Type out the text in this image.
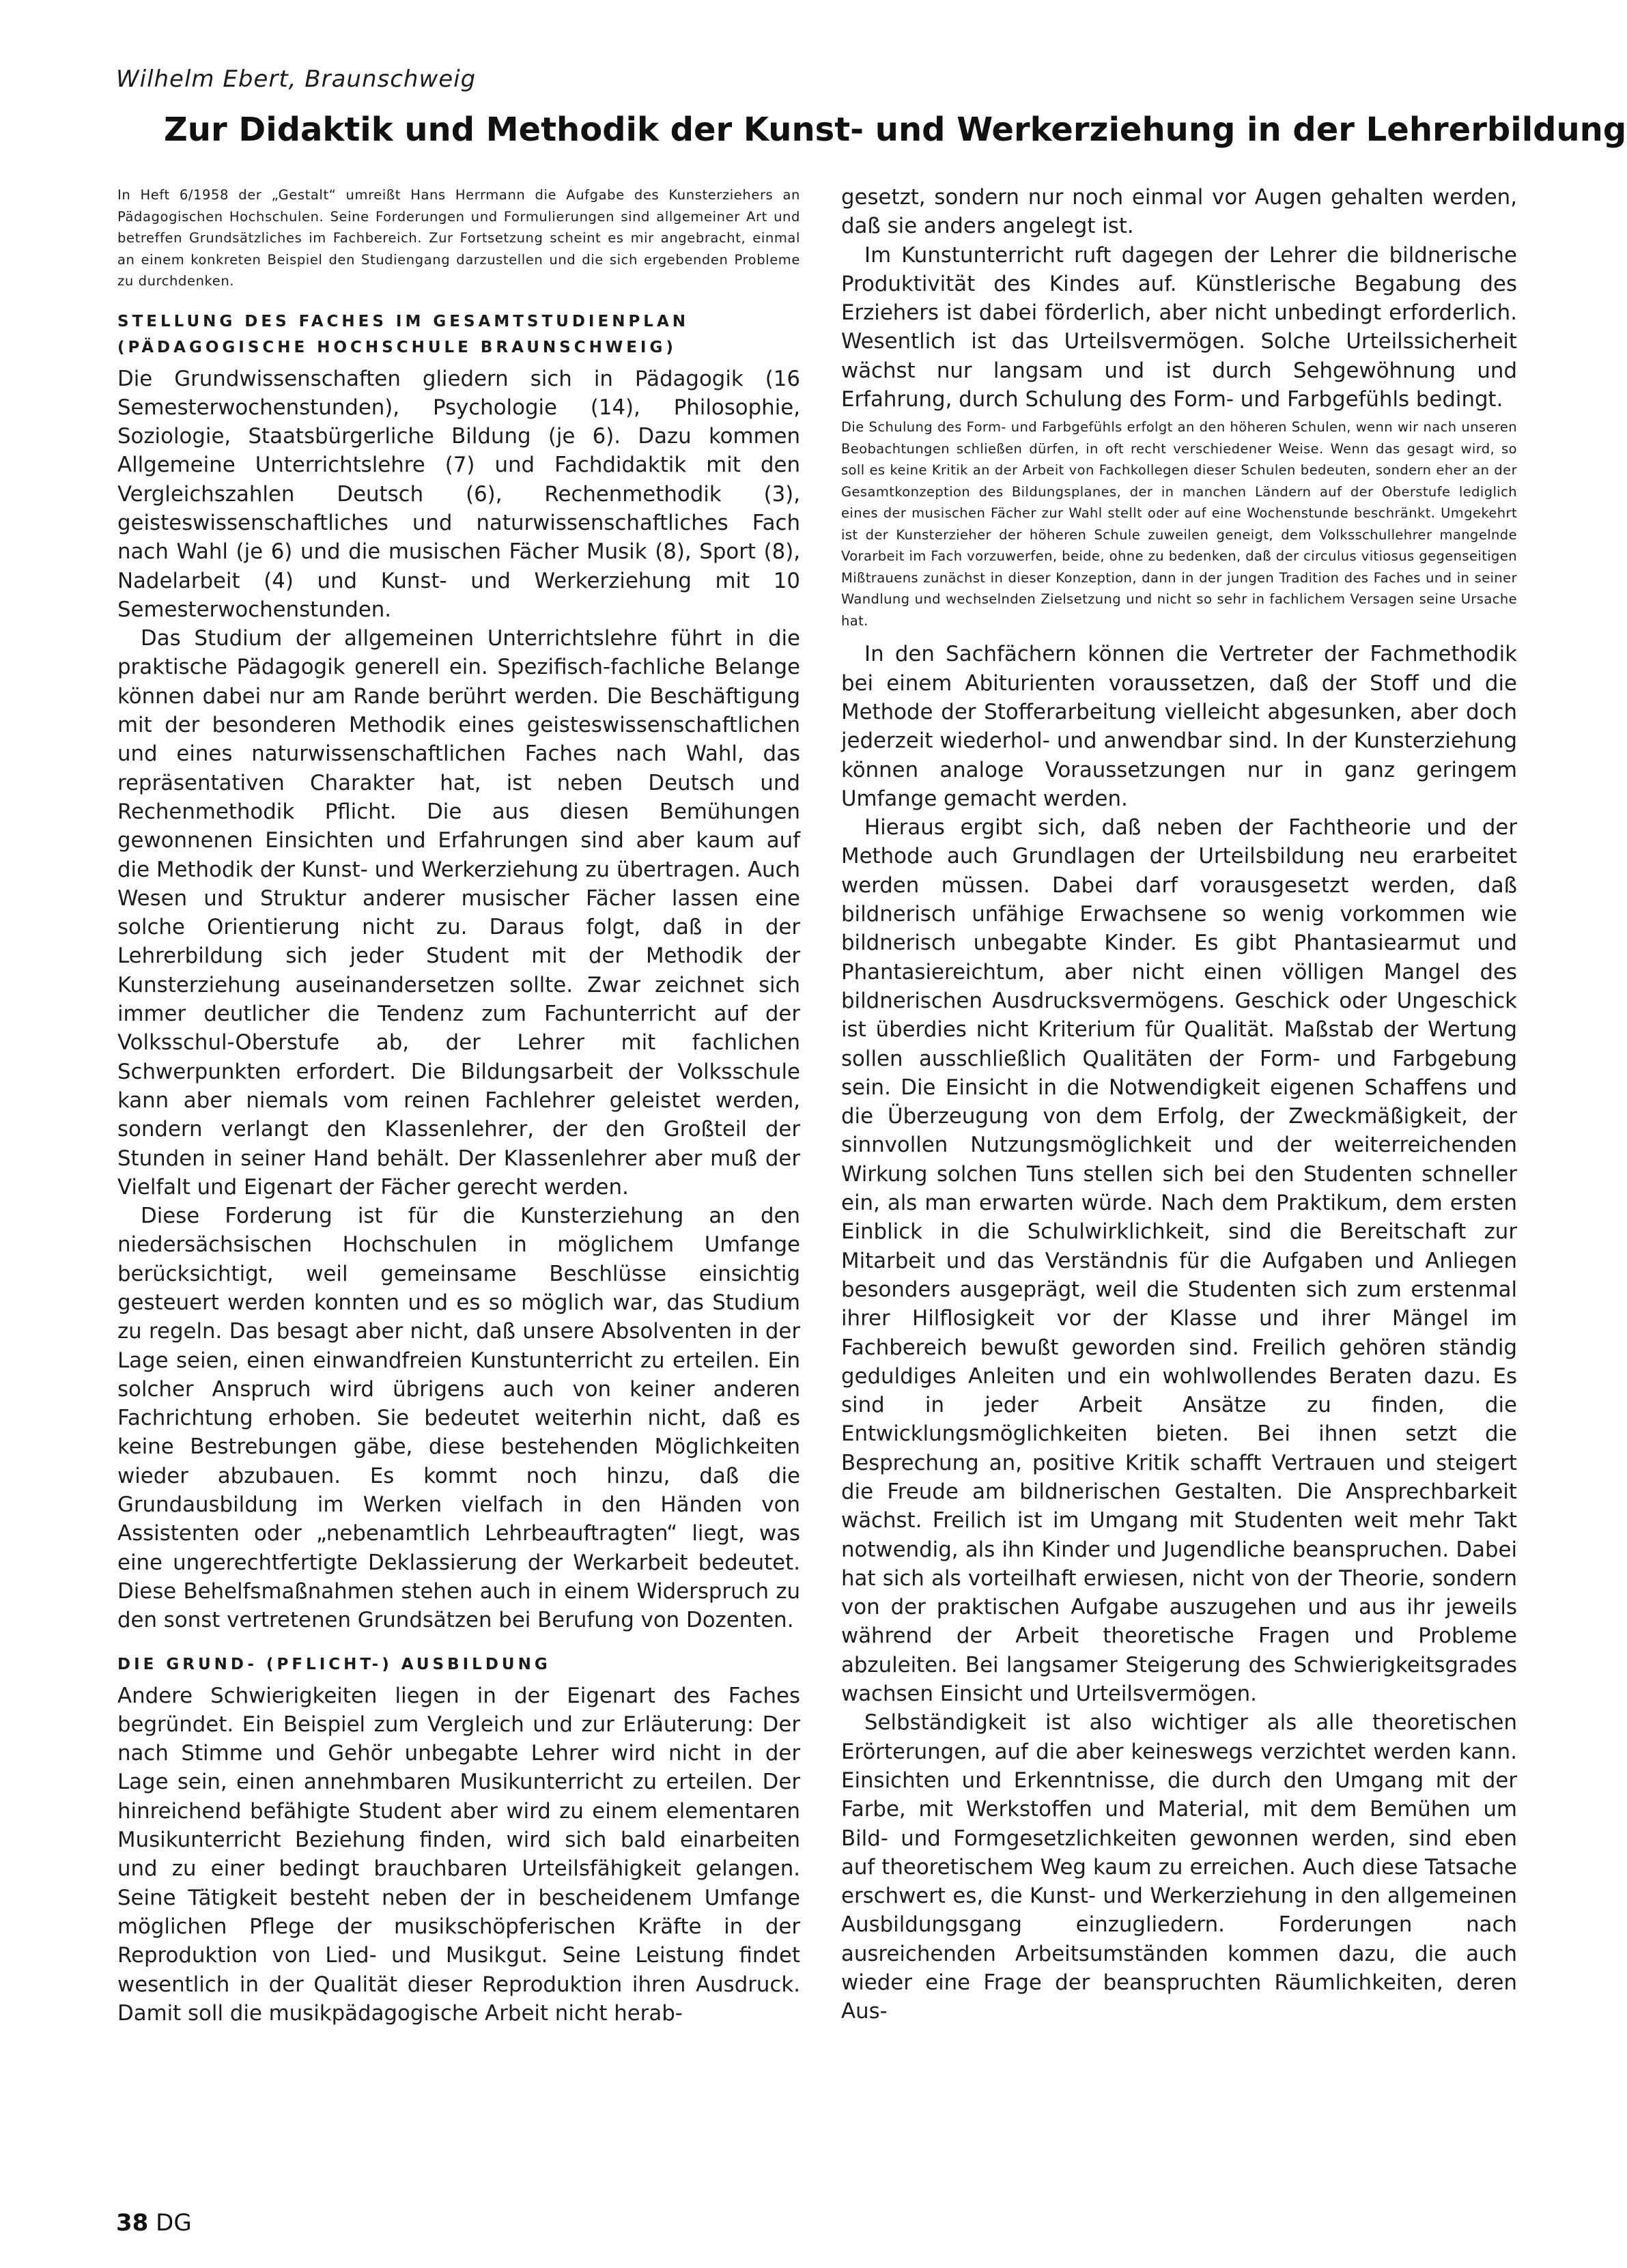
Wilhelm Ebert, Braunschweig
Zur Didaktik und Methodik der Kunst- und Werkerziehung in der Lehrerbildung

In Heft 6/1958 der „Gestalt“ umreißt Hans Herrmann die Aufgabe des Kunsterziehers an Pädagogischen Hochschulen. Seine Forderungen und Formulierungen sind allgemeiner Art und betreffen Grundsätzliches im Fachbereich. Zur Fortsetzung scheint es mir angebracht, einmal an einem konkreten Beispiel den Studiengang darzustellen und die sich ergebenden Probleme zu durchdenken.

STELLUNG DES FACHES IM GESAMTSTUDIENPLAN
(PÄDAGOGISCHE HOCHSCHULE BRAUNSCHWEIG)

Die Grundwissenschaften gliedern sich in Pädagogik (16 Semesterwochenstunden), Psychologie (14), Philosophie, Soziologie, Staatsbürgerliche Bildung (je 6). Dazu kommen Allgemeine Unterrichtslehre (7) und Fachdidaktik mit den Vergleichszahlen Deutsch (6), Rechenmethodik (3), geisteswissenschaftliches und naturwissenschaftliches Fach nach Wahl (je 6) und die musischen Fächer Musik (8), Sport (8), Nadelarbeit (4) und Kunst- und Werkerziehung mit 10 Semesterwochenstunden.

Das Studium der allgemeinen Unterrichtslehre führt in die praktische Pädagogik generell ein. Spezifisch-fachliche Belange können dabei nur am Rande berührt werden. Die Beschäftigung mit der besonderen Methodik eines geisteswissenschaftlichen und eines naturwissenschaftlichen Faches nach Wahl, das repräsentativen Charakter hat, ist neben Deutsch und Rechenmethodik Pflicht. Die aus diesen Bemühungen gewonnenen Einsichten und Erfahrungen sind aber kaum auf die Methodik der Kunst- und Werkerziehung zu übertragen. Auch Wesen und Struktur anderer musischer Fächer lassen eine solche Orientierung nicht zu. Daraus folgt, daß in der Lehrerbildung sich jeder Student mit der Methodik der Kunsterziehung auseinandersetzen sollte. Zwar zeichnet sich immer deutlicher die Tendenz zum Fachunterricht auf der Volksschul-Oberstufe ab, der Lehrer mit fachlichen Schwerpunkten erfordert. Die Bildungsarbeit der Volksschule kann aber niemals vom reinen Fachlehrer geleistet werden, sondern verlangt den Klassenlehrer, der den Großteil der Stunden in seiner Hand behält. Der Klassenlehrer aber muß der Vielfalt und Eigenart der Fächer gerecht werden.

Diese Forderung ist für die Kunsterziehung an den niedersächsischen Hochschulen in möglichem Umfange berücksichtigt, weil gemeinsame Beschlüsse einsichtig gesteuert werden konnten und es so möglich war, das Studium zu regeln. Das besagt aber nicht, daß unsere Absolventen in der Lage seien, einen einwandfreien Kunstunterricht zu erteilen. Ein solcher Anspruch wird übrigens auch von keiner anderen Fachrichtung erhoben. Sie bedeutet weiterhin nicht, daß es keine Bestrebungen gäbe, diese bestehenden Möglichkeiten wieder abzubauen. Es kommt noch hinzu, daß die Grundausbildung im Werken vielfach in den Händen von Assistenten oder „nebenamtlich Lehrbeauftragten“ liegt, was eine ungerechtfertigte Deklassierung der Werkarbeit bedeutet. Diese Behelfsmaßnahmen stehen auch in einem Widerspruch zu den sonst vertretenen Grundsätzen bei Berufung von Dozenten.

DIE GRUND- (PFLICHT-) AUSBILDUNG

Andere Schwierigkeiten liegen in der Eigenart des Faches begründet. Ein Beispiel zum Vergleich und zur Erläuterung: Der nach Stimme und Gehör unbegabte Lehrer wird nicht in der Lage sein, einen annehmbaren Musikunterricht zu erteilen. Der hinreichend befähigte Student aber wird zu einem elementaren Musikunterricht Beziehung finden, wird sich bald einarbeiten und zu einer bedingt brauchbaren Urteilsfähigkeit gelangen. Seine Tätigkeit besteht neben der in bescheidenem Umfange möglichen Pflege der musikschöpferischen Kräfte in der Reproduktion von Lied- und Musikgut. Seine Leistung findet wesentlich in der Qualität dieser Reproduktion ihren Ausdruck. Damit soll die musikpädagogische Arbeit nicht herab-

gesetzt, sondern nur noch einmal vor Augen gehalten werden, daß sie anders angelegt ist.

Im Kunstunterricht ruft dagegen der Lehrer die bildnerische Produktivität des Kindes auf. Künstlerische Begabung des Erziehers ist dabei förderlich, aber nicht unbedingt erforderlich. Wesentlich ist das Urteilsvermögen. Solche Urteilssicherheit wächst nur langsam und ist durch Sehgewöhnung und Erfahrung, durch Schulung des Form- und Farbgefühls bedingt.

Die Schulung des Form- und Farbgefühls erfolgt an den höheren Schulen, wenn wir nach unseren Beobachtungen schließen dürfen, in oft recht verschiedener Weise. Wenn das gesagt wird, so soll es keine Kritik an der Arbeit von Fachkollegen dieser Schulen bedeuten, sondern eher an der Gesamtkonzeption des Bildungsplanes, der in manchen Ländern auf der Oberstufe lediglich eines der musischen Fächer zur Wahl stellt oder auf eine Wochenstunde beschränkt. Umgekehrt ist der Kunsterzieher der höheren Schule zuweilen geneigt, dem Volksschullehrer mangelnde Vorarbeit im Fach vorzuwerfen, beide, ohne zu bedenken, daß der circulus vitiosus gegenseitigen Mißtrauens zunächst in dieser Konzeption, dann in der jungen Tradition des Faches und in seiner Wandlung und wechselnden Zielsetzung und nicht so sehr in fachlichem Versagen seine Ursache hat.

In den Sachfächern können die Vertreter der Fachmethodik bei einem Abiturienten voraussetzen, daß der Stoff und die Methode der Stofferarbeitung vielleicht abgesunken, aber doch jederzeit wiederhol- und anwendbar sind. In der Kunsterziehung können analoge Voraussetzungen nur in ganz geringem Umfange gemacht werden.

Hieraus ergibt sich, daß neben der Fachtheorie und der Methode auch Grundlagen der Urteilsbildung neu erarbeitet werden müssen. Dabei darf vorausgesetzt werden, daß bildnerisch unfähige Erwachsene so wenig vorkommen wie bildnerisch unbegabte Kinder. Es gibt Phantasiearmut und Phantasiereichtum, aber nicht einen völligen Mangel des bildnerischen Ausdrucksvermögens. Geschick oder Ungeschick ist überdies nicht Kriterium für Qualität. Maßstab der Wertung sollen ausschließlich Qualitäten der Form- und Farbgebung sein. Die Einsicht in die Notwendigkeit eigenen Schaffens und die Überzeugung von dem Erfolg, der Zweckmäßigkeit, der sinnvollen Nutzungsmöglichkeit und der weiterreichenden Wirkung solchen Tuns stellen sich bei den Studenten schneller ein, als man erwarten würde. Nach dem Praktikum, dem ersten Einblick in die Schulwirklichkeit, sind die Bereitschaft zur Mitarbeit und das Verständnis für die Aufgaben und Anliegen besonders ausgeprägt, weil die Studenten sich zum erstenmal ihrer Hilflosigkeit vor der Klasse und ihrer Mängel im Fachbereich bewußt geworden sind. Freilich gehören ständig geduldiges Anleiten und ein wohlwollendes Beraten dazu. Es sind in jeder Arbeit Ansätze zu finden, die Entwicklungsmöglichkeiten bieten. Bei ihnen setzt die Besprechung an, positive Kritik schafft Vertrauen und steigert die Freude am bildnerischen Gestalten. Die Ansprechbarkeit wächst. Freilich ist im Umgang mit Studenten weit mehr Takt notwendig, als ihn Kinder und Jugendliche beanspruchen. Dabei hat sich als vorteilhaft erwiesen, nicht von der Theorie, sondern von der praktischen Aufgabe auszugehen und aus ihr jeweils während der Arbeit theoretische Fragen und Probleme abzuleiten. Bei langsamer Steigerung des Schwierigkeitsgrades wachsen Einsicht und Urteilsvermögen.

Selbständigkeit ist also wichtiger als alle theoretischen Erörterungen, auf die aber keineswegs verzichtet werden kann. Einsichten und Erkenntnisse, die durch den Umgang mit der Farbe, mit Werkstoffen und Material, mit dem Bemühen um Bild- und Formgesetzlichkeiten gewonnen werden, sind eben auf theoretischem Weg kaum zu erreichen. Auch diese Tatsache erschwert es, die Kunst- und Werkerziehung in den allgemeinen Ausbildungsgang einzugliedern. Forderungen nach ausreichenden Arbeitsumständen kommen dazu, die auch wieder eine Frage der beanspruchten Räumlichkeiten, deren Aus-

38 DG
